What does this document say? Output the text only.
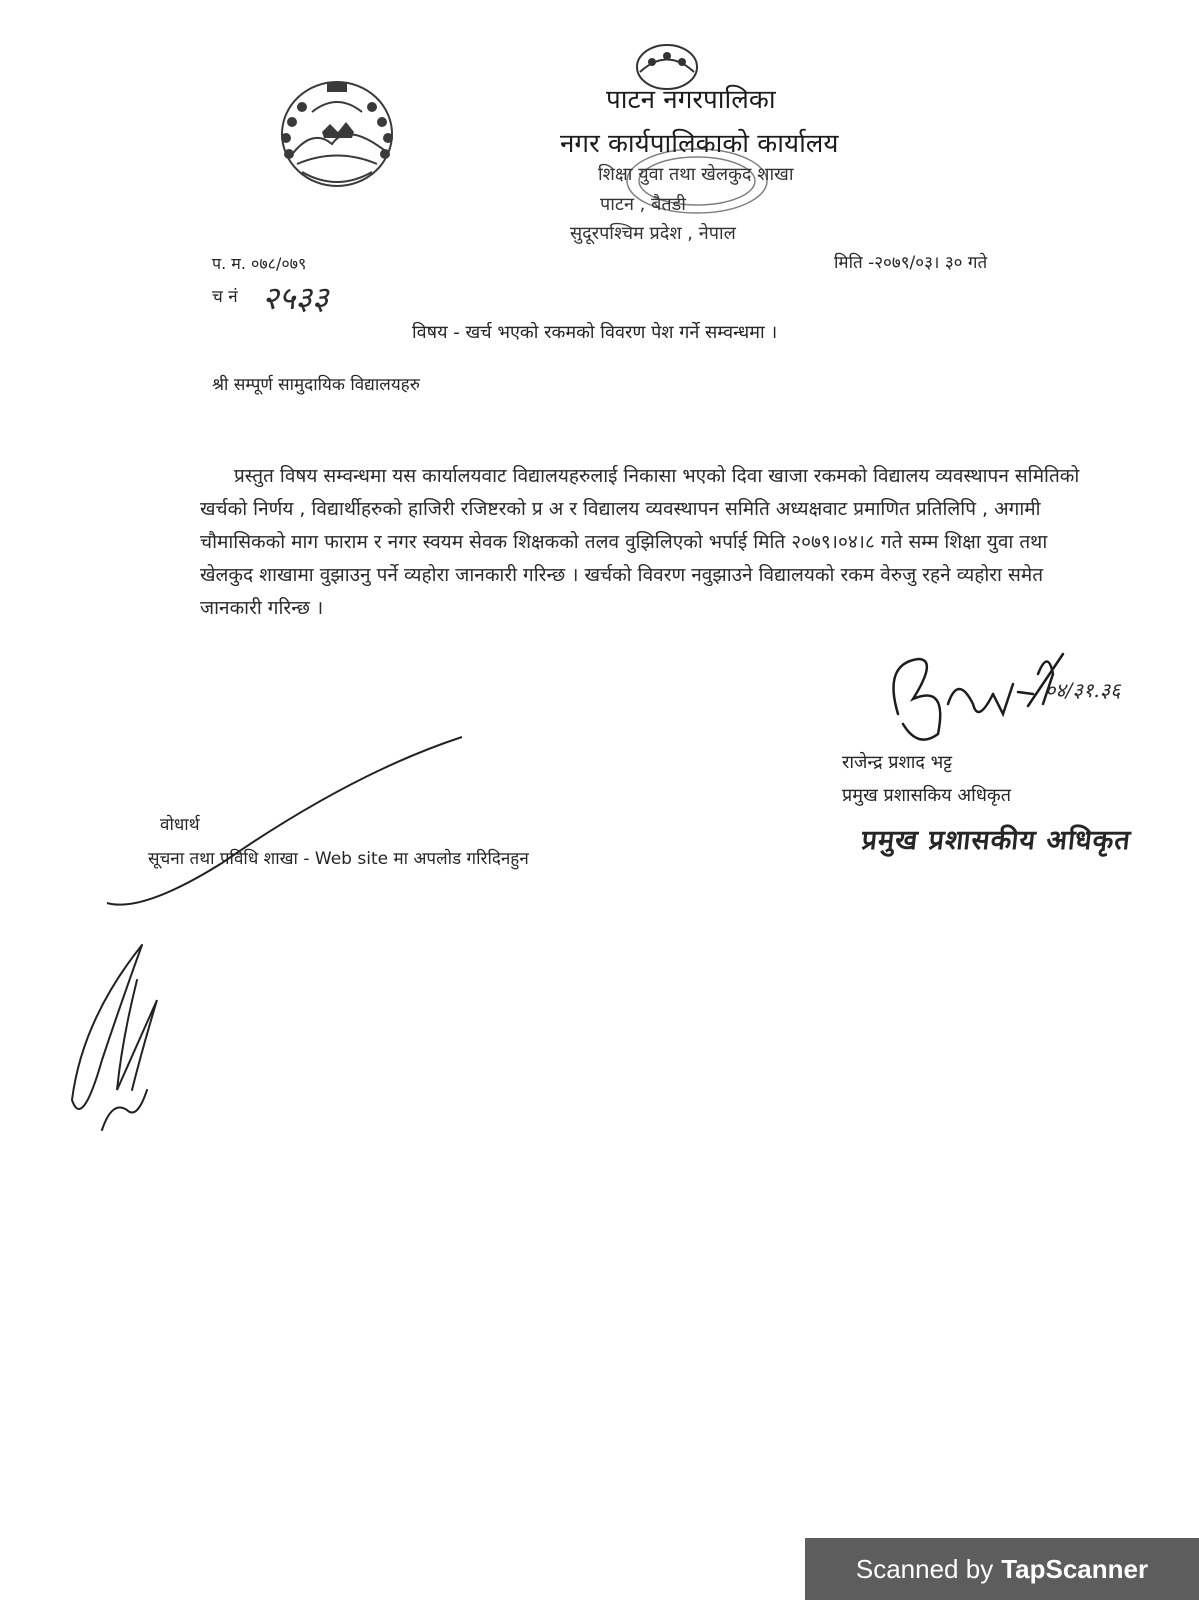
पाटन नगरपालिका
नगर कार्यपालिकाको कार्यालय
शिक्षा युवा तथा खेलकुद शाखा
पाटन , बैतडी
सुदूरपश्चिम प्रदेश , नेपाल
प. म. ०७८/०७९	मिति -२०७९/०३। ३० गते
च नं २५३३
विषय - खर्च भएको रकमको विवरण पेश गर्ने सम्वन्धमा ।
श्री सम्पूर्ण सामुदायिक विद्यालयहरु
प्रस्तुत विषय सम्वन्धमा यस कार्यालयवाट विद्यालयहरुलाई निकासा भएको दिवा खाजा रकमको विद्यालय व्यवस्थापन समितिको खर्चको निर्णय , विद्यार्थीहरुको हाजिरी रजिष्टरको प्र अ र विद्यालय व्यवस्थापन समिति अध्यक्षवाट प्रमाणित प्रतिलिपि , अगामी चौमासिकको माग फाराम र नगर स्वयम सेवक शिक्षकको तलव वुझिलिएको भर्पाई मिति २०७९।०४।८ गते सम्म शिक्षा युवा तथा खेलकुद शाखामा वुझाउनु पर्ने व्यहोरा जानकारी गरिन्छ । खर्चको विवरण नवुझाउने विद्यालयको रकम वेरुजु रहने व्यहोरा समेत जानकारी गरिन्छ ।
०४/३१.३६
राजेन्द्र प्रशाद भट्ट
प्रमुख प्रशासकिय अधिकृत
प्रमुख प्रशासकीय अधिकृत
वोधार्थ
सूचना तथा प्रविधि शाखा - Web site मा अपलोड गरिदिनहुन
Scanned by TapScanner
